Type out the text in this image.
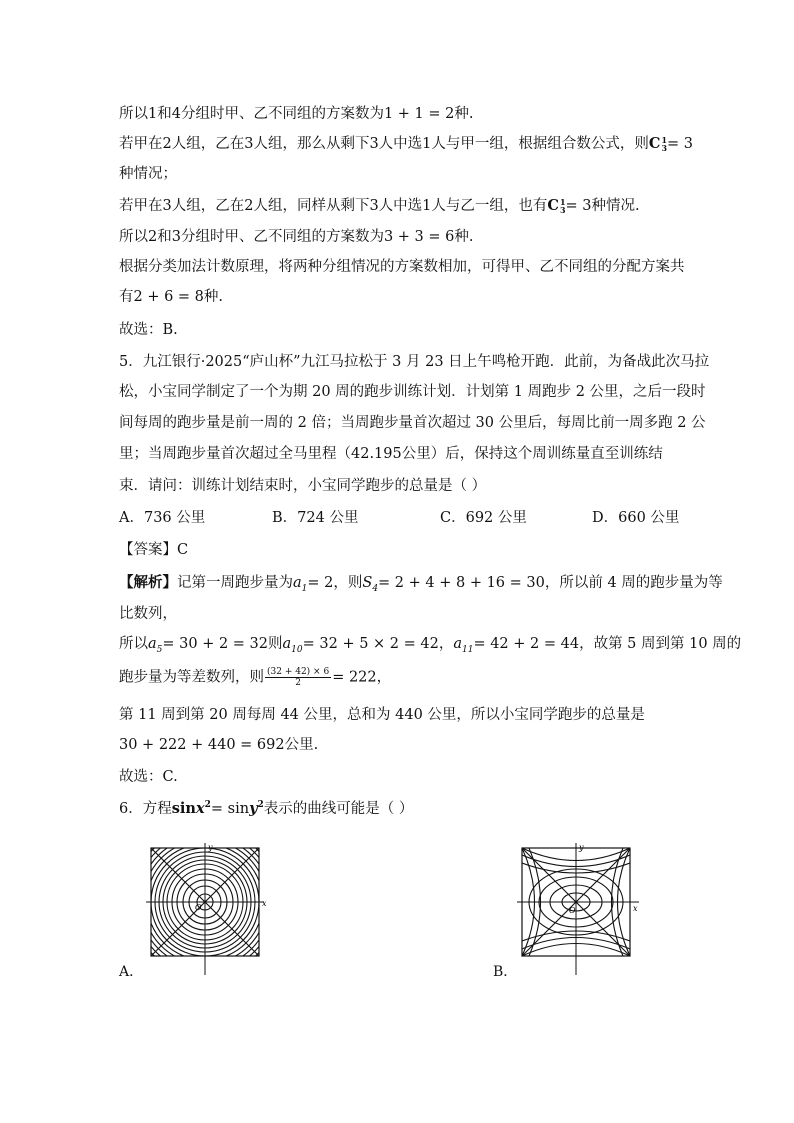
所以1和4分组时甲、乙不同组的方案数为1 + 1 = 2种.
若甲在2人组，乙在3人组，那么从剩下3人中选1人与甲一组，根据组合数公式，则C1
3= 3
种情况；
若甲在3人组，乙在2人组，同样从剩下3人中选1人与乙一组，也有C1
3= 3种情况.
所以2和3分组时甲、乙不同组的方案数为3 + 3 = 6种.
根据分类加法计数原理，将两种分组情况的方案数相加，可得甲、乙不同组的分配方案共
有2 + 6 = 8种.
故选：B.
5．九江银行·2025“庐山杯”九江马拉松于 3 月 23 日上午鸣枪开跑．此前，为备战此次马拉
松，小宝同学制定了一个为期 20 周的跑步训练计划．计划第 1 周跑步 2 公里，之后一段时
间每周的跑步量是前一周的 2 倍；当周跑步量首次超过 30 公里后，每周比前一周多跑 2 公
里；当周跑步量首次超过全马里程（42.195公里）后，保持这个周训练量直至训练结
束．请问：训练计划结束时，小宝同学跑步的总量是（ ）
A．736 公里	B．724 公里	C．692 公里	D．660 公里
【答案】C
【解析】记第一周跑步量为$a_1= 2$，则$S_4= 2 + 4 + 8 + 16 = 30$，所以前 4 周的跑步量为等
比数列，
所以$a_5= 30 + 2 = 32$则$a_{10}= 32 + 5 \times 2 = 42$，$a_{11}= 42 + 2 = 44$，故第 5 周到第 10 周的
跑步量为等差数列，则 $\frac{(32 + 42) \times 6}{2} = 222$，
第 11 周到第 20 周每周 44 公里，总和为 440 公里，所以小宝同学跑步的总量是
30 + 222 + 440 = 692公里.
故选：C.
6．方程sinx$^2$= siny$^2$表示的曲线可能是（ ）
y
x
O
A．
y
x
O
B．
